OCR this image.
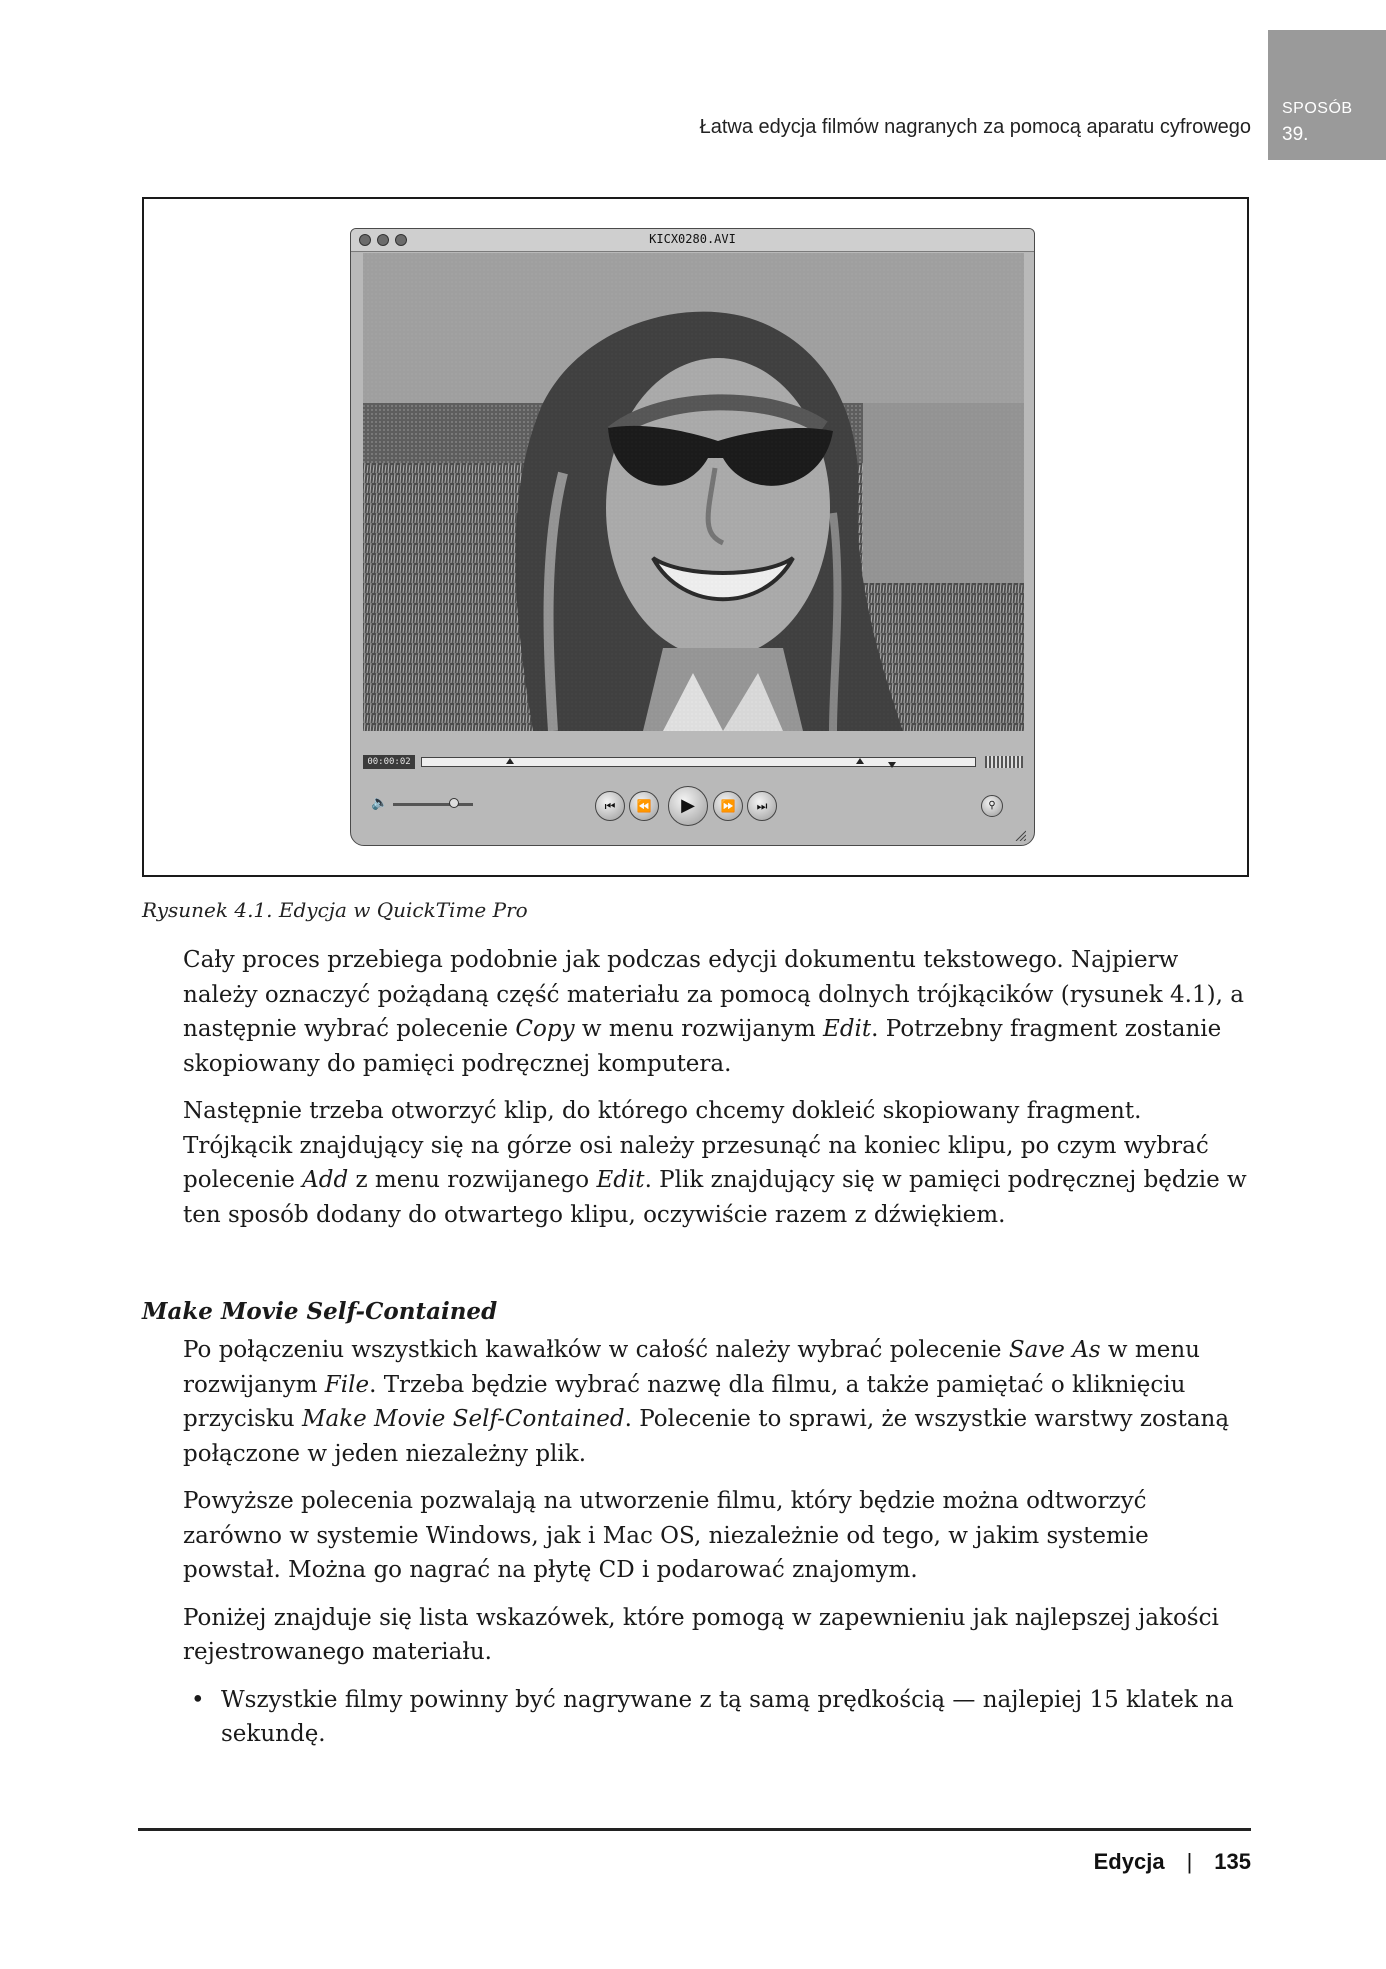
Łatwa edycja filmów nagranych za pomocą aparatu cyfrowego
SPOSÓB
39.
KICX0280.AVI
00:00:02
🔈	⏮	⏪	▶	⏩	⏭	⚲
Rysunek 4.1. Edycja w QuickTime Pro

Cały proces przebiega podobnie jak podczas edycji dokumentu tekstowego. Najpierw należy oznaczyć pożądaną część materiału za pomocą dolnych trójkącików (rysunek 4.1), a następnie wybrać polecenie Copy w menu rozwijanym Edit. Potrzebny fragment zostanie skopiowany do pamięci podręcznej komputera.

Następnie trzeba otworzyć klip, do którego chcemy dokleić skopiowany fragment. Trójkącik znajdujący się na górze osi należy przesunąć na koniec klipu, po czym wybrać polecenie Add z menu rozwijanego Edit. Plik znajdujący się w pamięci podręcznej będzie w ten sposób dodany do otwartego klipu, oczywiście razem z dźwiękiem.

Make Movie Self-Contained

Po połączeniu wszystkich kawałków w całość należy wybrać polecenie Save As w menu rozwijanym File. Trzeba będzie wybrać nazwę dla filmu, a także pamiętać o kliknięciu przycisku Make Movie Self-Contained. Polecenie to sprawi, że wszystkie warstwy zostaną połączone w jeden niezależny plik.

Powyższe polecenia pozwalają na utworzenie filmu, który będzie można odtworzyć zarówno w systemie Windows, jak i Mac OS, niezależnie od tego, w jakim systemie powstał. Można go nagrać na płytę CD i podarować znajomym.

Poniżej znajduje się lista wskazówek, które pomogą w zapewnieniu jak najlepszej jakości rejestrowanego materiału.

• Wszystkie filmy powinny być nagrywane z tą samą prędkością — najlepiej 15 klatek na sekundę.
Edycja | 135
